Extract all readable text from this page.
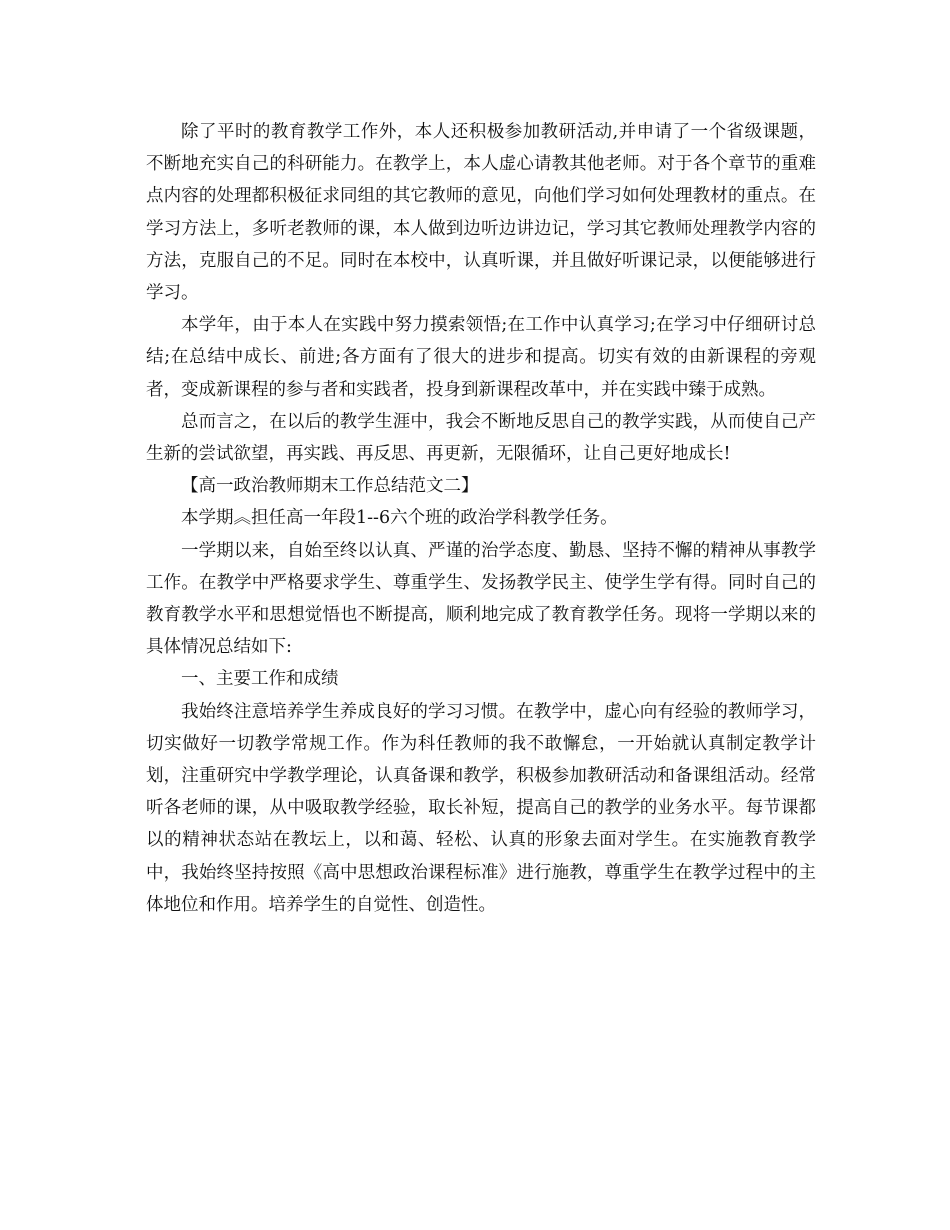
除了平时的教育教学工作外，本人还积极参加教研活动,并申请了一个省级课题，不断地充实自己的科研能力。在教学上，本人虚心请教其他老师。对于各个章节的重难点内容的处理都积极征求同组的其它教师的意见，向他们学习如何处理教材的重点。在学习方法上，多听老教师的课，本人做到边听边讲边记，学习其它教师处理教学内容的方法，克服自己的不足。同时在本校中，认真听课，并且做好听课记录，以便能够进行学习。

本学年，由于本人在实践中努力摸索领悟;在工作中认真学习;在学习中仔细研讨总结;在总结中成长、前进;各方面有了很大的进步和提高。切实有效的由新课程的旁观者，变成新课程的参与者和实践者，投身到新课程改革中，并在实践中臻于成熟。

总而言之，在以后的教学生涯中，我会不断地反思自己的教学实践，从而使自己产生新的尝试欲望，再实践、再反思、再更新，无限循环，让自己更好地成长!

【高一政治教师期末工作总结范文二】

本学期︽担任高一年段1--6六个班的政治学科教学任务。

一学期以来，自始至终以认真、严谨的治学态度、勤恳、坚持不懈的精神从事教学工作。在教学中严格要求学生、尊重学生、发扬教学民主、使学生学有得。同时自己的教育教学水平和思想觉悟也不断提高，顺利地完成了教育教学任务。现将一学期以来的具体情况总结如下:

一、主要工作和成绩

我始终注意培养学生养成良好的学习习惯。在教学中，虚心向有经验的教师学习，切实做好一切教学常规工作。作为科任教师的我不敢懈怠，一开始就认真制定教学计划，注重研究中学教学理论，认真备课和教学，积极参加教研活动和备课组活动。经常听各老师的课，从中吸取教学经验，取长补短，提高自己的教学的业务水平。每节课都以的精神状态站在教坛上，以和蔼、轻松、认真的形象去面对学生。在实施教育教学中，我始终坚持按照《高中思想政治课程标准》进行施教，尊重学生在教学过程中的主体地位和作用。培养学生的自觉性、创造性。
